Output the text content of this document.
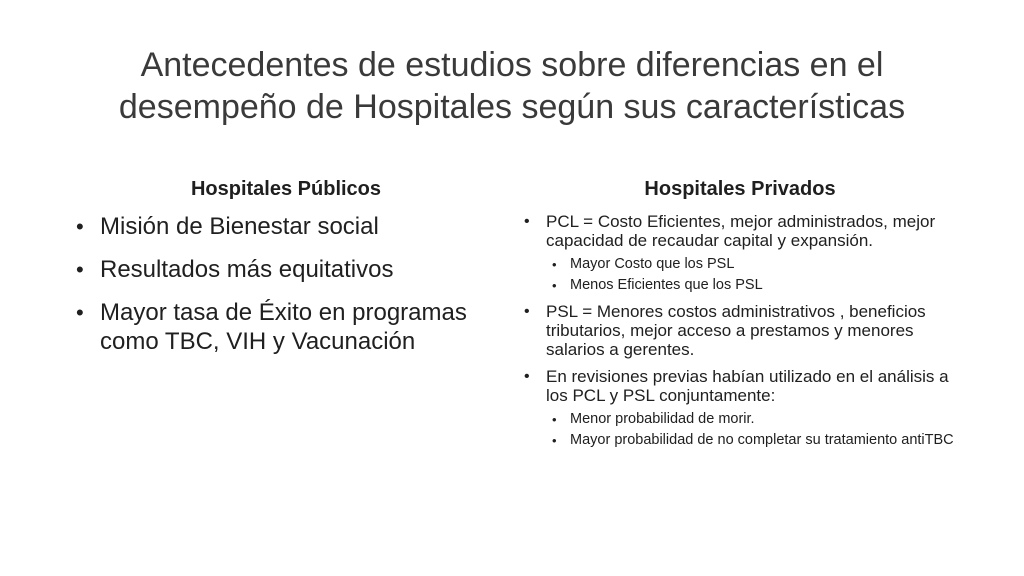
Antecedentes de estudios sobre diferencias en el
desempeño de Hospitales según sus características
Hospitales Públicos	Hospitales Privados
• Misión de Bienestar social
• Resultados más equitativos
• Mayor tasa de Éxito en programas como TBC, VIH y Vacunación
• PCL = Costo Eficientes, mejor administrados, mejor capacidad de recaudar capital y expansión.
• Mayor Costo que los PSL
• Menos Eficientes que los PSL
• PSL = Menores costos administrativos , beneficios tributarios, mejor acceso a prestamos y menores salarios a gerentes.
• En revisiones previas habían utilizado en el análisis a los PCL y PSL conjuntamente:
• Menor probabilidad de morir.
• Mayor probabilidad de no completar su tratamiento antiTBC
